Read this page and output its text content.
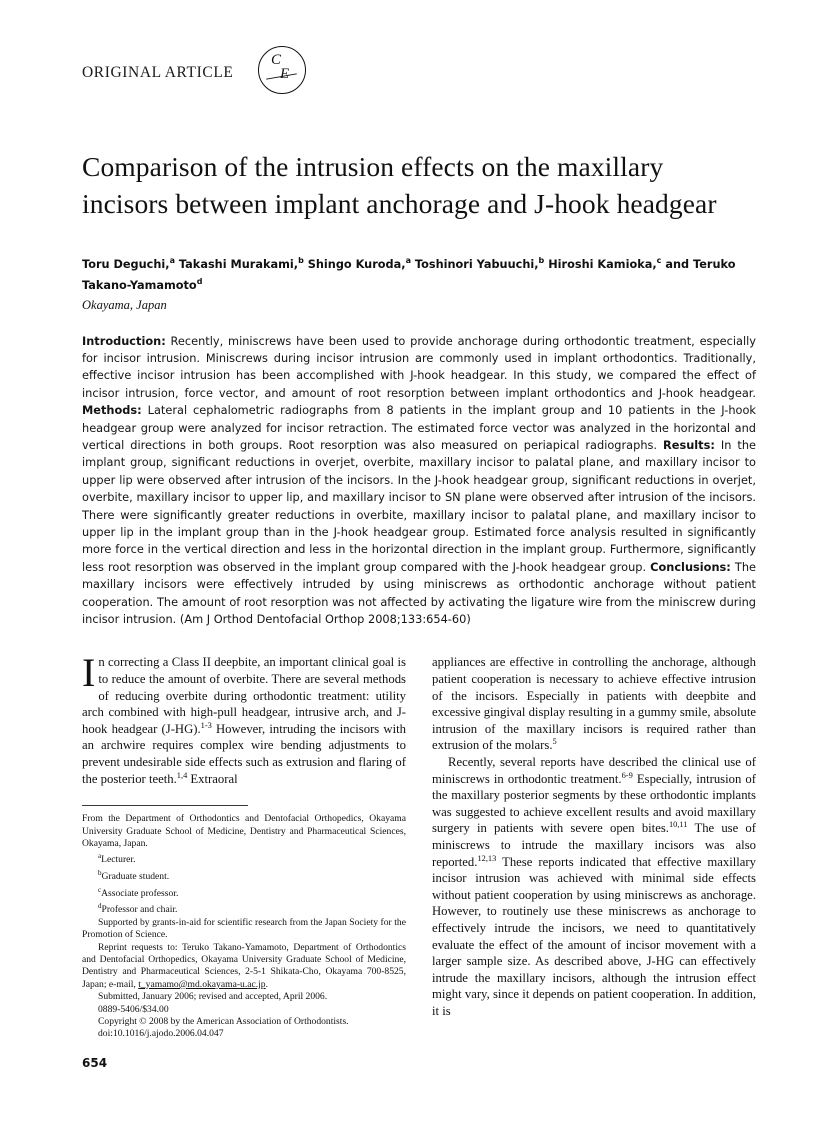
ORIGINAL ARTICLE
C
E
Comparison of the intrusion effects on the maxillary incisors between implant anchorage and J-hook headgear
Toru Deguchi,$^a$ Takashi Murakami,$^b$ Shingo Kuroda,$^a$ Toshinori Yabuuchi,$^b$ Hiroshi Kamioka,$^c$ and Teruko Takano-Yamamoto$^d$
Okayama, Japan
Introduction: Recently, miniscrews have been used to provide anchorage during orthodontic treatment, especially for incisor intrusion. Miniscrews during incisor intrusion are commonly used in implant orthodontics. Traditionally, effective incisor intrusion has been accomplished with J-hook headgear. In this study, we compared the effect of incisor intrusion, force vector, and amount of root resorption between implant orthodontics and J-hook headgear. Methods: Lateral cephalometric radiographs from 8 patients in the implant group and 10 patients in the J-hook headgear group were analyzed for incisor retraction. The estimated force vector was analyzed in the horizontal and vertical directions in both groups. Root resorption was also measured on periapical radiographs. Results: In the implant group, significant reductions in overjet, overbite, maxillary incisor to palatal plane, and maxillary incisor to upper lip were observed after intrusion of the incisors. In the J-hook headgear group, significant reductions in overjet, overbite, maxillary incisor to upper lip, and maxillary incisor to SN plane were observed after intrusion of the incisors. There were significantly greater reductions in overbite, maxillary incisor to palatal plane, and maxillary incisor to upper lip in the implant group than in the J-hook headgear group. Estimated force analysis resulted in significantly more force in the vertical direction and less in the horizontal direction in the implant group. Furthermore, significantly less root resorption was observed in the implant group compared with the J-hook headgear group. Conclusions: The maxillary incisors were effectively intruded by using miniscrews as orthodontic anchorage without patient cooperation. The amount of root resorption was not affected by activating the ligature wire from the miniscrew during incisor intrusion. (Am J Orthod Dentofacial Orthop 2008;133:654-60)

In correcting a Class II deepbite, an important clinical goal is to reduce the amount of overbite. There are several methods of reducing overbite during orthodontic treatment: utility arch combined with high-pull headgear, intrusive arch, and J-hook headgear (J-HG).$^{1-3}$ However, intruding the incisors with an archwire requires complex wire bending adjustments to prevent undesirable side effects such as extrusion and flaring of the posterior teeth.$^{1,4}$ Extraoral

From the Department of Orthodontics and Dentofacial Orthopedics, Okayama University Graduate School of Medicine, Dentistry and Pharmaceutical Sciences, Okayama, Japan.

$^a$Lecturer.

$^b$Graduate student.

$^c$Associate professor.

$^d$Professor and chair.

Supported by grants-in-aid for scientific research from the Japan Society for the Promotion of Science.

Reprint requests to: Teruko Takano-Yamamoto, Department of Orthodontics and Dentofacial Orthopedics, Okayama University Graduate School of Medicine, Dentistry and Pharmaceutical Sciences, 2-5-1 Shikata-Cho, Okayama 700-8525, Japan; e-mail, t_yamamo@md.okayama-u.ac.jp.

Submitted, January 2006; revised and accepted, April 2006.

0889-5406/$34.00

Copyright © 2008 by the American Association of Orthodontists.

doi:10.1016/j.ajodo.2006.04.047

654

appliances are effective in controlling the anchorage, although patient cooperation is necessary to achieve effective intrusion of the incisors. Especially in patients with deepbite and excessive gingival display resulting in a gummy smile, absolute intrusion of the maxillary incisors is required rather than extrusion of the molars.$^5$

Recently, several reports have described the clinical use of miniscrews in orthodontic treatment.$^{6-9}$ Especially, intrusion of the maxillary posterior segments by these orthodontic implants was suggested to achieve excellent results and avoid maxillary surgery in patients with severe open bites.$^{10,11}$ The use of miniscrews to intrude the maxillary incisors was also reported.$^{12,13}$ These reports indicated that effective maxillary incisor intrusion was achieved with minimal side effects without patient cooperation by using miniscrews as anchorage. However, to routinely use these miniscrews as anchorage to effectively intrude the incisors, we need to quantitatively evaluate the effect of the amount of incisor movement with a larger sample size. As described above, J-HG can effectively intrude the maxillary incisors, although the intrusion effect might vary, since it depends on patient cooperation. In addition, it is
